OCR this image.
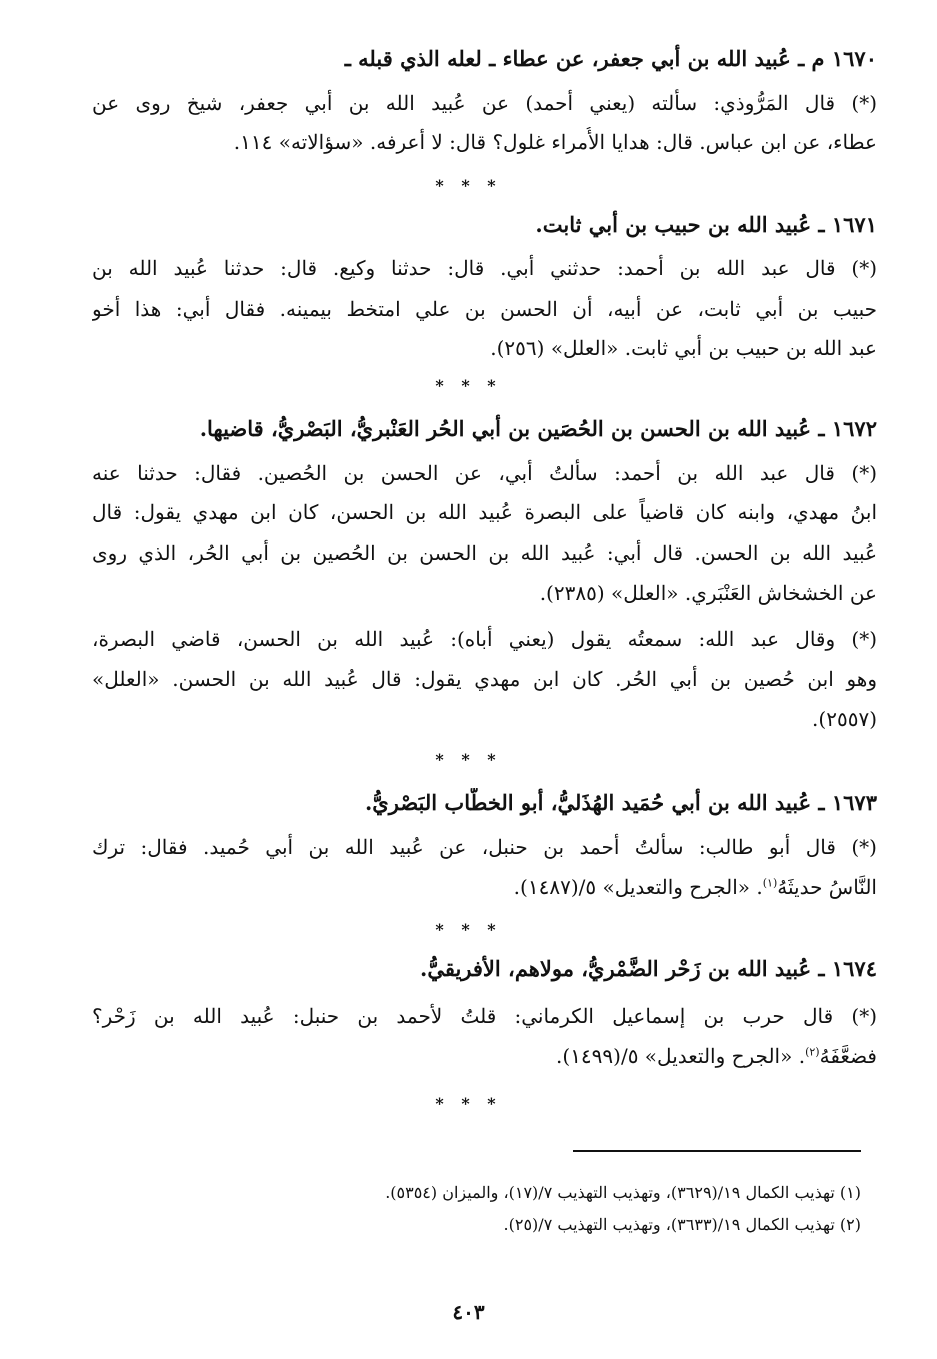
١٦٧٠ م ـ عُبيد الله بن أبي جعفر، عن عطاء ـ لعله الذي قبله ـ
(*) قال المَرُّوذي: سألته (يعني أحمد) عن عُبيد الله بن أبي جعفر، شيخ روى عن
عطاء، عن ابن عباس. قال: هدايا الأُمراء غلول؟ قال: لا أعرفه. «سؤالاته» ١١٤.
* * *
١٦٧١ ـ عُبيد الله بن حبيب بن أبي ثابت.
(*) قال عبد الله بن أحمد: حدثني أبي. قال: حدثنا وكيع. قال: حدثنا عُبيد الله بن
حبيب بن أبي ثابت، عن أبيه، أن الحسن بن علي امتخط بيمينه. فقال أبي: هذا أخو
عبد الله بن حبيب بن أبي ثابت. «العلل» (٢٥٦).
* * *
١٦٧٢ ـ عُبيد الله بن الحسن بن الحُصَين بن أبي الحُر العَنْبريُّ، البَصْريُّ، قاضيها.
(*) قال عبد الله بن أحمد: سألتُ أبي، عن الحسن بن الحُصين. فقال: حدثنا عنه
ابنُ مهدي، وابنه كان قاضياً على البصرة عُبيد الله بن الحسن، كان ابن مهدي يقول: قال
عُبيد الله بن الحسن. قال أبي: عُبيد الله بن الحسن بن الحُصين بن أبي الحُر، الذي روى
عن الخشخاش العَنْبَري. «العلل» (٢٣٨٥).
(*) وقال عبد الله: سمعتُه يقول (يعني أباه): عُبيد الله بن الحسن، قاضي البصرة،
وهو ابن حُصين بن أبي الحُر. كان ابن مهدي يقول: قال عُبيد الله بن الحسن. «العلل»
(٢٥٥٧).
* * *
١٦٧٣ ـ عُبيد الله بن أبي حُمَيد الهُذَليُّ، أبو الخطَّاب البَصْريُّ.
(*) قال أبو طالب: سألتُ أحمد بن حنبل، عن عُبيد الله بن أبي حُميد. فقال: ترك
النَّاسُ حديثَهُ$^{(١)}$. «الجرح والتعديل» ٥/(١٤٨٧).
* * *
١٦٧٤ ـ عُبيد الله بن زَحْر الضَّمْريُّ، مولاهم، الأفريقيُّ.
(*) قال حرب بن إسماعيل الكرماني: قلتُ لأحمد بن حنبل: عُبيد الله بن زَحْر؟
فضعَّفَهُ$^{(٢)}$. «الجرح والتعديل» ٥/(١٤٩٩).
* * *
(١) تهذيب الكمال ١٩/(٣٦٢٩)، وتهذيب التهذيب ٧/(١٧)، والميزان (٥٣٥٤).
(٢) تهذيب الكمال ١٩/(٣٦٣٣)، وتهذيب التهذيب ٧/(٢٥).
٤٠٣
